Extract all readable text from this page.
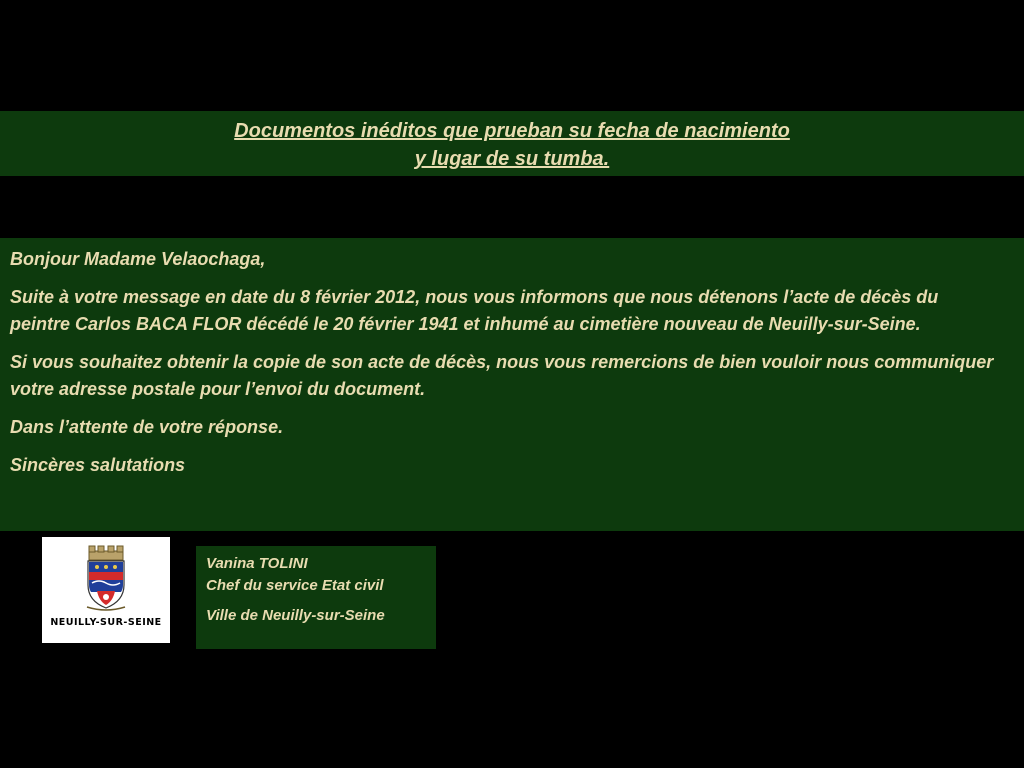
Documentos inéditos que prueban su fecha de nacimiento
y lugar de su tumba.

Bonjour Madame Velaochaga,

Suite à votre message en date du 8 février 2012, nous vous informons que nous détenons l’acte de décès du peintre Carlos BACA FLOR décédé le 20 février 1941 et inhumé au cimetière nouveau de Neuilly-sur-Seine.

Si vous souhaitez obtenir la copie de son acte de décès, nous vous remercions de bien vouloir nous communiquer votre adresse postale pour l’envoi du document.

Dans l’attente de votre réponse.

Sincères salutations

NEUILLY-SUR-SEINE
Vanina TOLINI
Chef du service Etat civil
Ville de Neuilly-sur-Seine
